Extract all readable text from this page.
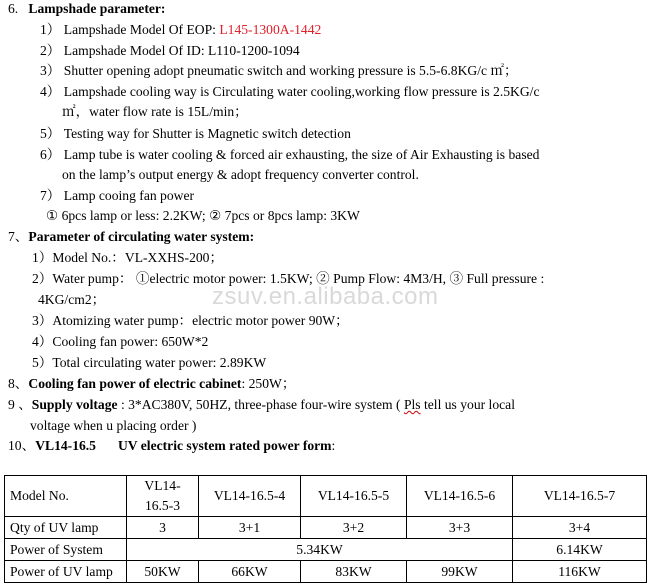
6. Lampshade parameter:
1） Lampshade Model Of EOP: L145-1300A-1442
2） Lampshade Model Of ID: L110-1200-1094
3） Shutter opening adopt pneumatic switch and working pressure is 5.5-6.8KG/c ㎡；
4） Lampshade cooling way is Circulating water cooling,working flow pressure is 2.5KG/c
㎡，water flow rate is 15L/min；
5） Testing way for Shutter is Magnetic switch detection
6） Lamp tube is water cooling & forced air exhausting, the size of Air Exhausting is based
on the lamp’s output energy & adopt frequency converter control.
7） Lamp cooing fan power
① 6pcs lamp or less: 2.2KW; ② 7pcs or 8pcs lamp: 3KW
7、Parameter of circulating water system:
1）Model No.：VL-XXHS-200；
2）Water pump： ①electric motor power: 1.5KW; ② Pump Flow: 4M3/H, ③ Full pressure :
4KG/cm2；
3）Atomizing water pump：electric motor power 90W；
4）Cooling fan power: 650W*2
5）Total circulating water power: 2.89KW
8、Cooling fan power of electric cabinet: 250W；
9 、Supply voltage : 3*AC380V, 50HZ, three-phase four-wire system ( Pls tell us your local
voltage when u placing order )
10、VL14-16.5 UV electric system rated power form:
zsuv.en.alibaba.com
Model No.	VL14-16.5-3	VL14-16.5-4	VL14-16.5-5	VL14-16.5-6	VL14-16.5-7
Qty of UV lamp	3	3+1	3+2	3+3	3+4
Power of System	5.34KW				6.14KW
Power of UV lamp	50KW	66KW	83KW	99KW	116KW
